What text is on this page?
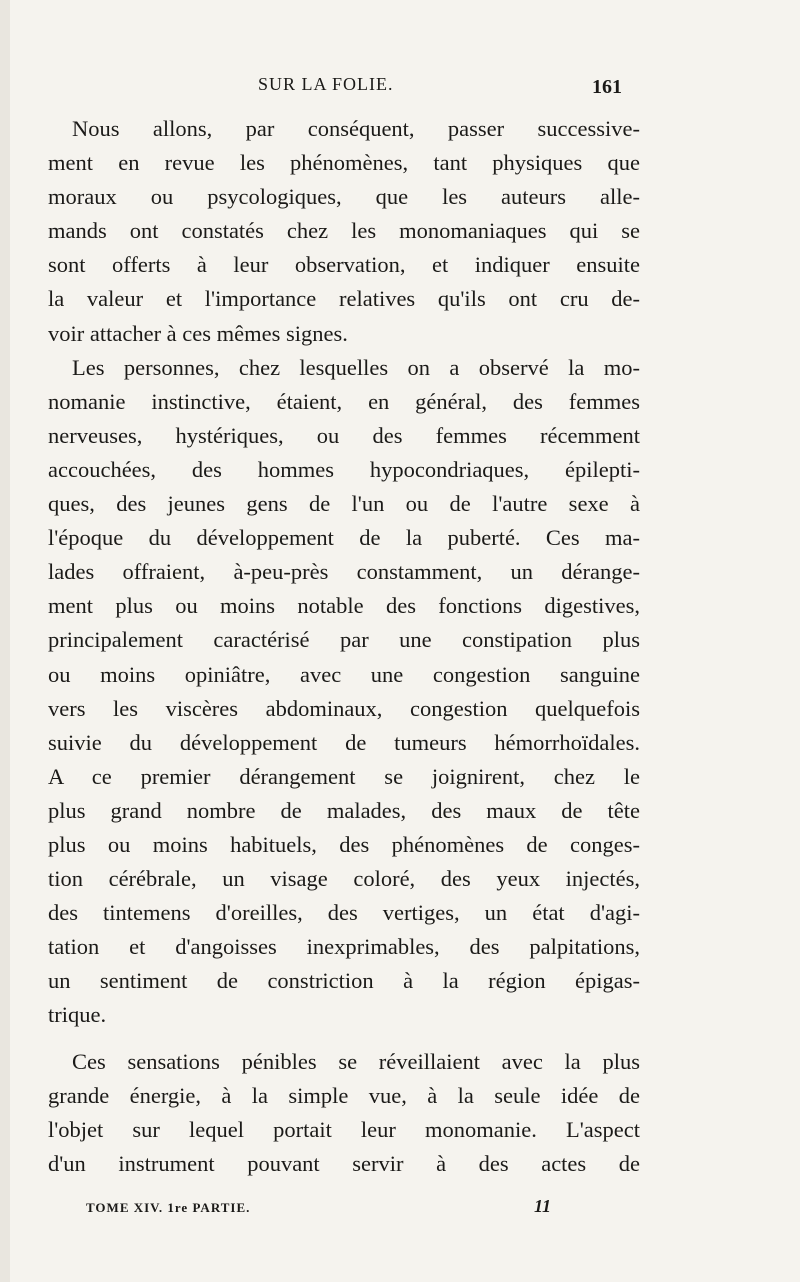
SUR LA FOLIE.	161
Nous allons, par conséquent, passer successive-
ment en revue les phénomènes, tant physiques que
moraux ou psycologiques, que les auteurs alle-
mands ont constatés chez les monomaniaques qui se
sont offerts à leur observation, et indiquer ensuite
la valeur et l'importance relatives qu'ils ont cru de-
voir attacher à ces mêmes signes.
Les personnes, chez lesquelles on a observé la mo-
nomanie instinctive, étaient, en général, des femmes
nerveuses, hystériques, ou des femmes récemment
accouchées, des hommes hypocondriaques, épilepti-
ques, des jeunes gens de l'un ou de l'autre sexe à
l'époque du développement de la puberté. Ces ma-
lades offraient, à-peu-près constamment, un dérange-
ment plus ou moins notable des fonctions digestives,
principalement caractérisé par une constipation plus
ou moins opiniâtre, avec une congestion sanguine
vers les viscères abdominaux, congestion quelquefois
suivie du développement de tumeurs hémorrhoïdales.
A ce premier dérangement se joignirent, chez le
plus grand nombre de malades, des maux de tête
plus ou moins habituels, des phénomènes de conges-
tion cérébrale, un visage coloré, des yeux injectés,
des tintemens d'oreilles, des vertiges, un état d'agi-
tation et d'angoisses inexprimables, des palpitations,
un sentiment de constriction à la région épigas-
trique.
Ces sensations pénibles se réveillaient avec la plus
grande énergie, à la simple vue, à la seule idée de
l'objet sur lequel portait leur monomanie. L'aspect
d'un instrument pouvant servir à des actes de
TOME XIV. 1re PARTIE.	11
